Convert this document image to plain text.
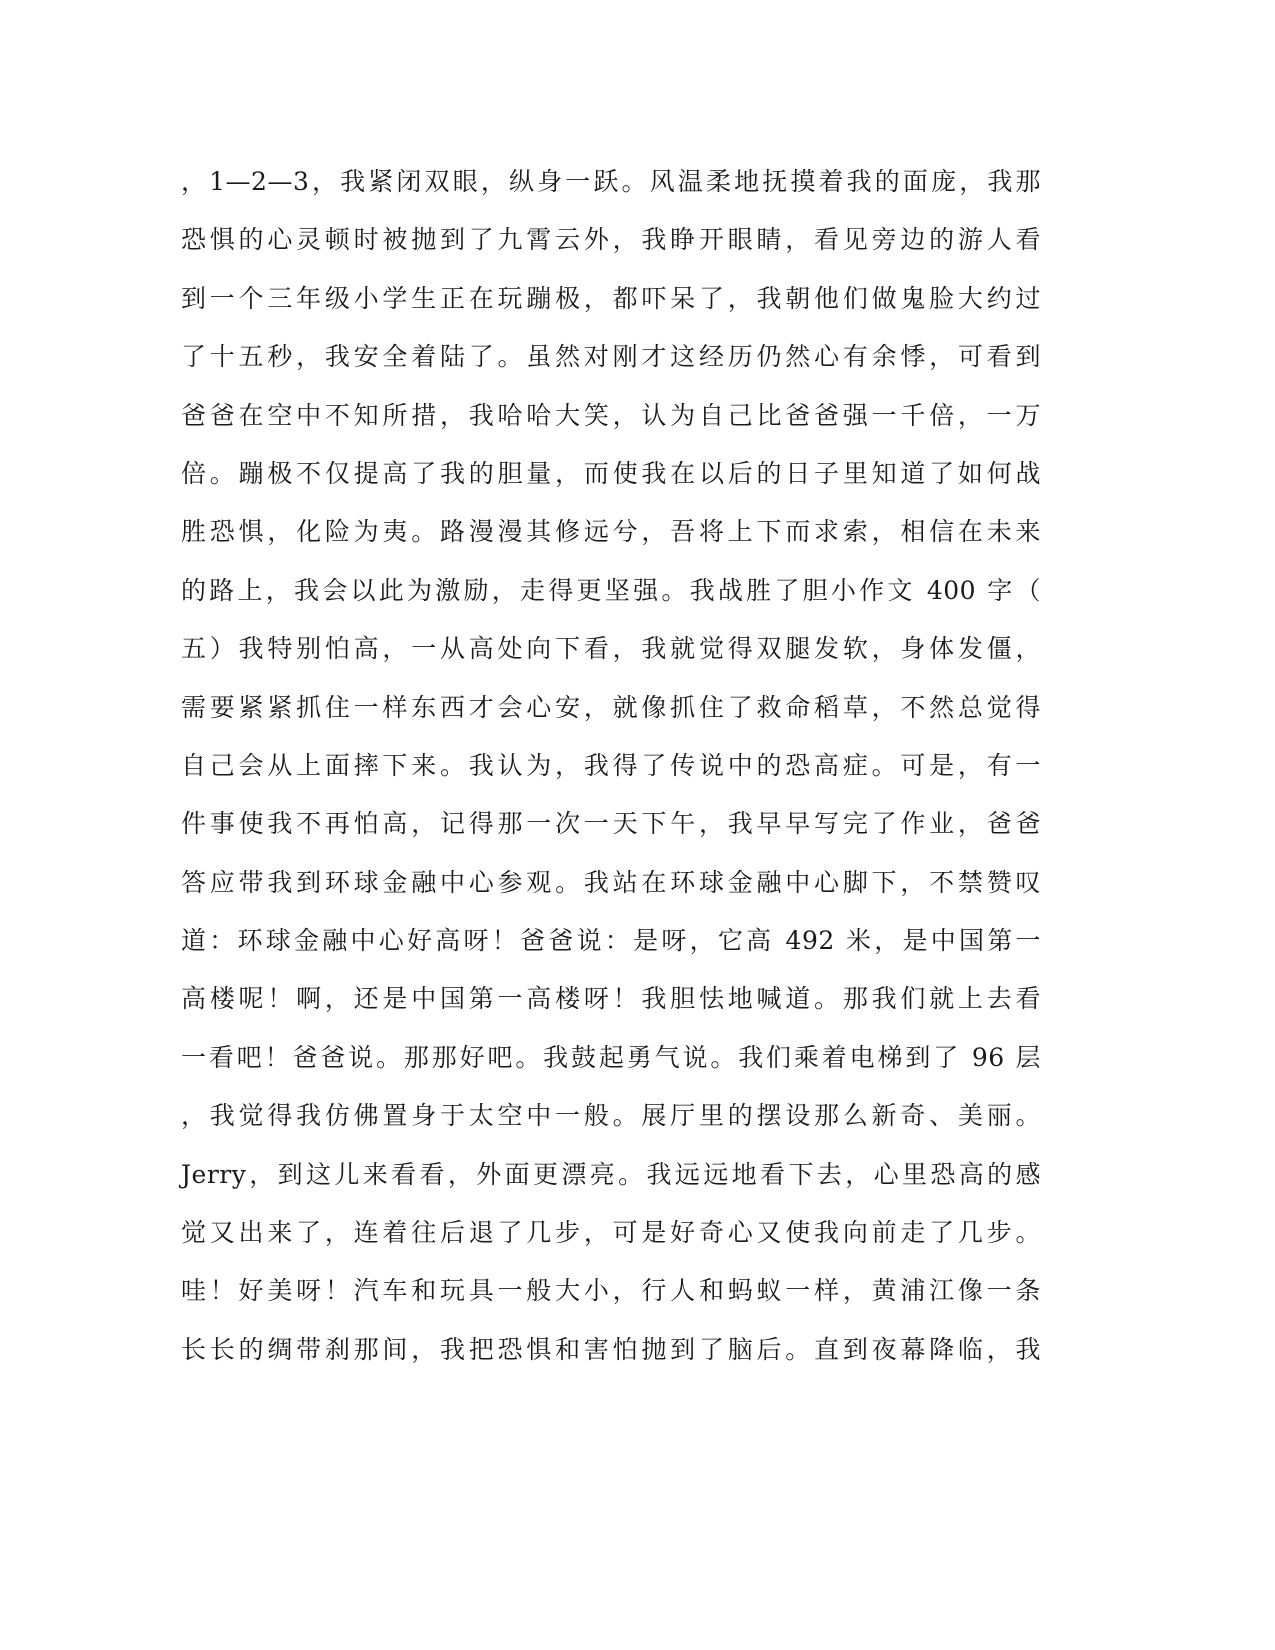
，1—2—3，我紧闭双眼，纵身一跃。风温柔地抚摸着我的面庞，我那
恐惧的心灵顿时被抛到了九霄云外，我睁开眼睛，看见旁边的游人看
到一个三年级小学生正在玩蹦极，都吓呆了，我朝他们做鬼脸大约过
了十五秒，我安全着陆了。虽然对刚才这经历仍然心有余悸，可看到
爸爸在空中不知所措，我哈哈大笑，认为自己比爸爸强一千倍，一万
倍。蹦极不仅提高了我的胆量，而使我在以后的日子里知道了如何战
胜恐惧，化险为夷。路漫漫其修远兮，吾将上下而求索，相信在未来
的路上，我会以此为激励，走得更坚强。我战胜了胆小作文 400 字（
五）我特别怕高，一从高处向下看，我就觉得双腿发软，身体发僵，
需要紧紧抓住一样东西才会心安，就像抓住了救命稻草，不然总觉得
自己会从上面摔下来。我认为，我得了传说中的恐高症。可是，有一
件事使我不再怕高，记得那一次一天下午，我早早写完了作业，爸爸
答应带我到环球金融中心参观。我站在环球金融中心脚下，不禁赞叹
道：环球金融中心好高呀！爸爸说：是呀，它高 492 米，是中国第一
高楼呢！啊，还是中国第一高楼呀！我胆怯地喊道。那我们就上去看
一看吧！爸爸说。那那好吧。我鼓起勇气说。我们乘着电梯到了 96 层
，我觉得我仿佛置身于太空中一般。展厅里的摆设那么新奇、美丽。
Jerry，到这儿来看看，外面更漂亮。我远远地看下去，心里恐高的感
觉又出来了，连着往后退了几步，可是好奇心又使我向前走了几步。
哇！好美呀！汽车和玩具一般大小，行人和蚂蚁一样，黄浦江像一条
长长的绸带刹那间，我把恐惧和害怕抛到了脑后。直到夜幕降临，我
